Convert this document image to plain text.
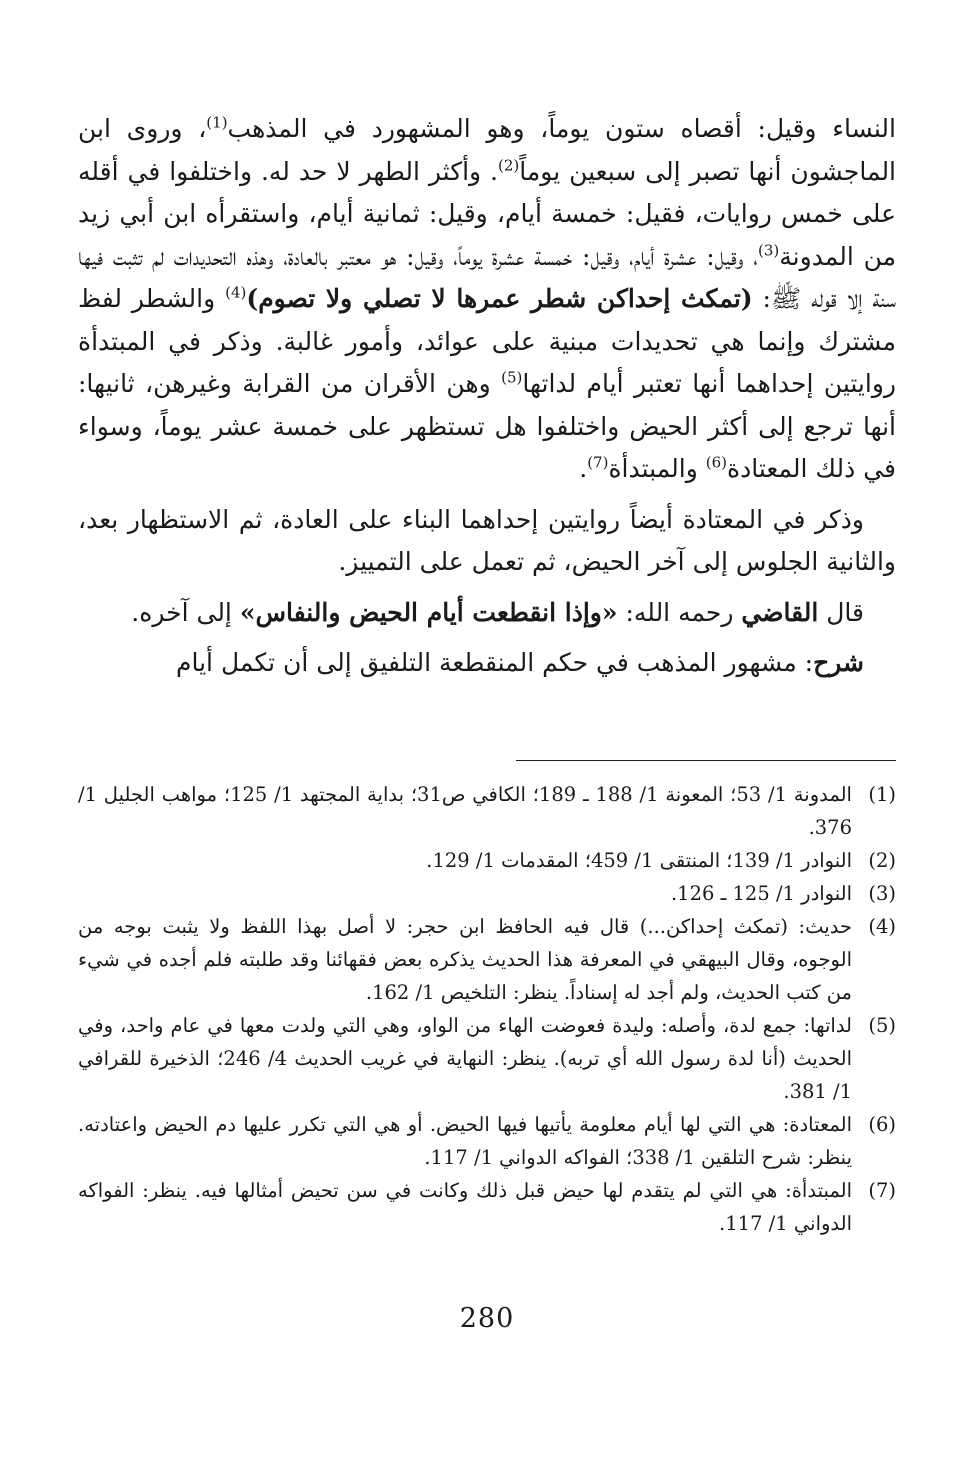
النساء وقيل: أقصاه ستون يوماً، وهو المشهورد في المذهب$^{(1)}$، وروى ابن الماجشون أنها تصبر إلى سبعين يوماً$^{(2)}$. وأكثر الطهر لا حد له. واختلفوا في أقله على خمس روايات، فقيل: خمسة أيام، وقيل: ثمانية أيام، واستقرأه ابن أبي زيد من المدونة$^{(3)}$، وقيل: عشرة أيام، وقيل: خمسة عشرة يوماً، وقيل: هو معتبر بالعادة، وهذه التحديدات لم تثبت فيها سنة إلا قوله ﷺ: (تمكث إحداكن شطر عمرها لا تصلي ولا تصوم)$^{(4)}$ والشطر لفظ مشترك وإنما هي تحديدات مبنية على عوائد، وأمور غالبة. وذكر في المبتدأة روايتين إحداهما أنها تعتبر أيام لداتها$^{(5)}$ وهن الأقران من القرابة وغيرهن، ثانيها: أنها ترجع إلى أكثر الحيض واختلفوا هل تستظهر على خمسة عشر يوماً، وسواء في ذلك المعتادة$^{(6)}$ والمبتدأة$^{(7)}$.

وذكر في المعتادة أيضاً روايتين إحداهما البناء على العادة، ثم الاستظهار بعد، والثانية الجلوس إلى آخر الحيض، ثم تعمل على التمييز.

قال القاضي رحمه الله: «وإذا انقطعت أيام الحيض والنفاس» إلى آخره.

شرح: مشهور المذهب في حكم المنقطعة التلفيق إلى أن تكمل أيام

(1)
المدونة 1/ 53؛ المعونة 1/ 188 ـ 189؛ الكافي ص31؛ بداية المجتهد 1/ 125؛ مواهب الجليل 1/ 376.
(2)
النوادر 1/ 139؛ المنتقى 1/ 459؛ المقدمات 1/ 129.
(3)
النوادر 1/ 125 ـ 126.
(4)
حديث: (تمكث إحداكن...) قال فيه الحافظ ابن حجر: لا أصل بهذا اللفظ ولا يثبت بوجه من الوجوه، وقال البيهقي في المعرفة هذا الحديث يذكره بعض فقهائنا وقد طلبته فلم أجده في شيء من كتب الحديث، ولم أجد له إسناداً. ينظر: التلخيص 1/ 162.
(5)
لداتها: جمع لدة، وأصله: وليدة فعوضت الهاء من الواو، وهي التي ولدت معها في عام واحد، وفي الحديث (أنا لدة رسول الله أي تربه). ينظر: النهاية في غريب الحديث 4/ 246؛ الذخيرة للقرافي 1/ 381.
(6)
المعتادة: هي التي لها أيام معلومة يأتيها فيها الحيض. أو هي التي تكرر عليها دم الحيض واعتادته. ينظر: شرح التلقين 1/ 338؛ الفواكه الدواني 1/ 117.
(7)
المبتدأة: هي التي لم يتقدم لها حيض قبل ذلك وكانت في سن تحيض أمثالها فيه. ينظر: الفواكه الدواني 1/ 117.
280
